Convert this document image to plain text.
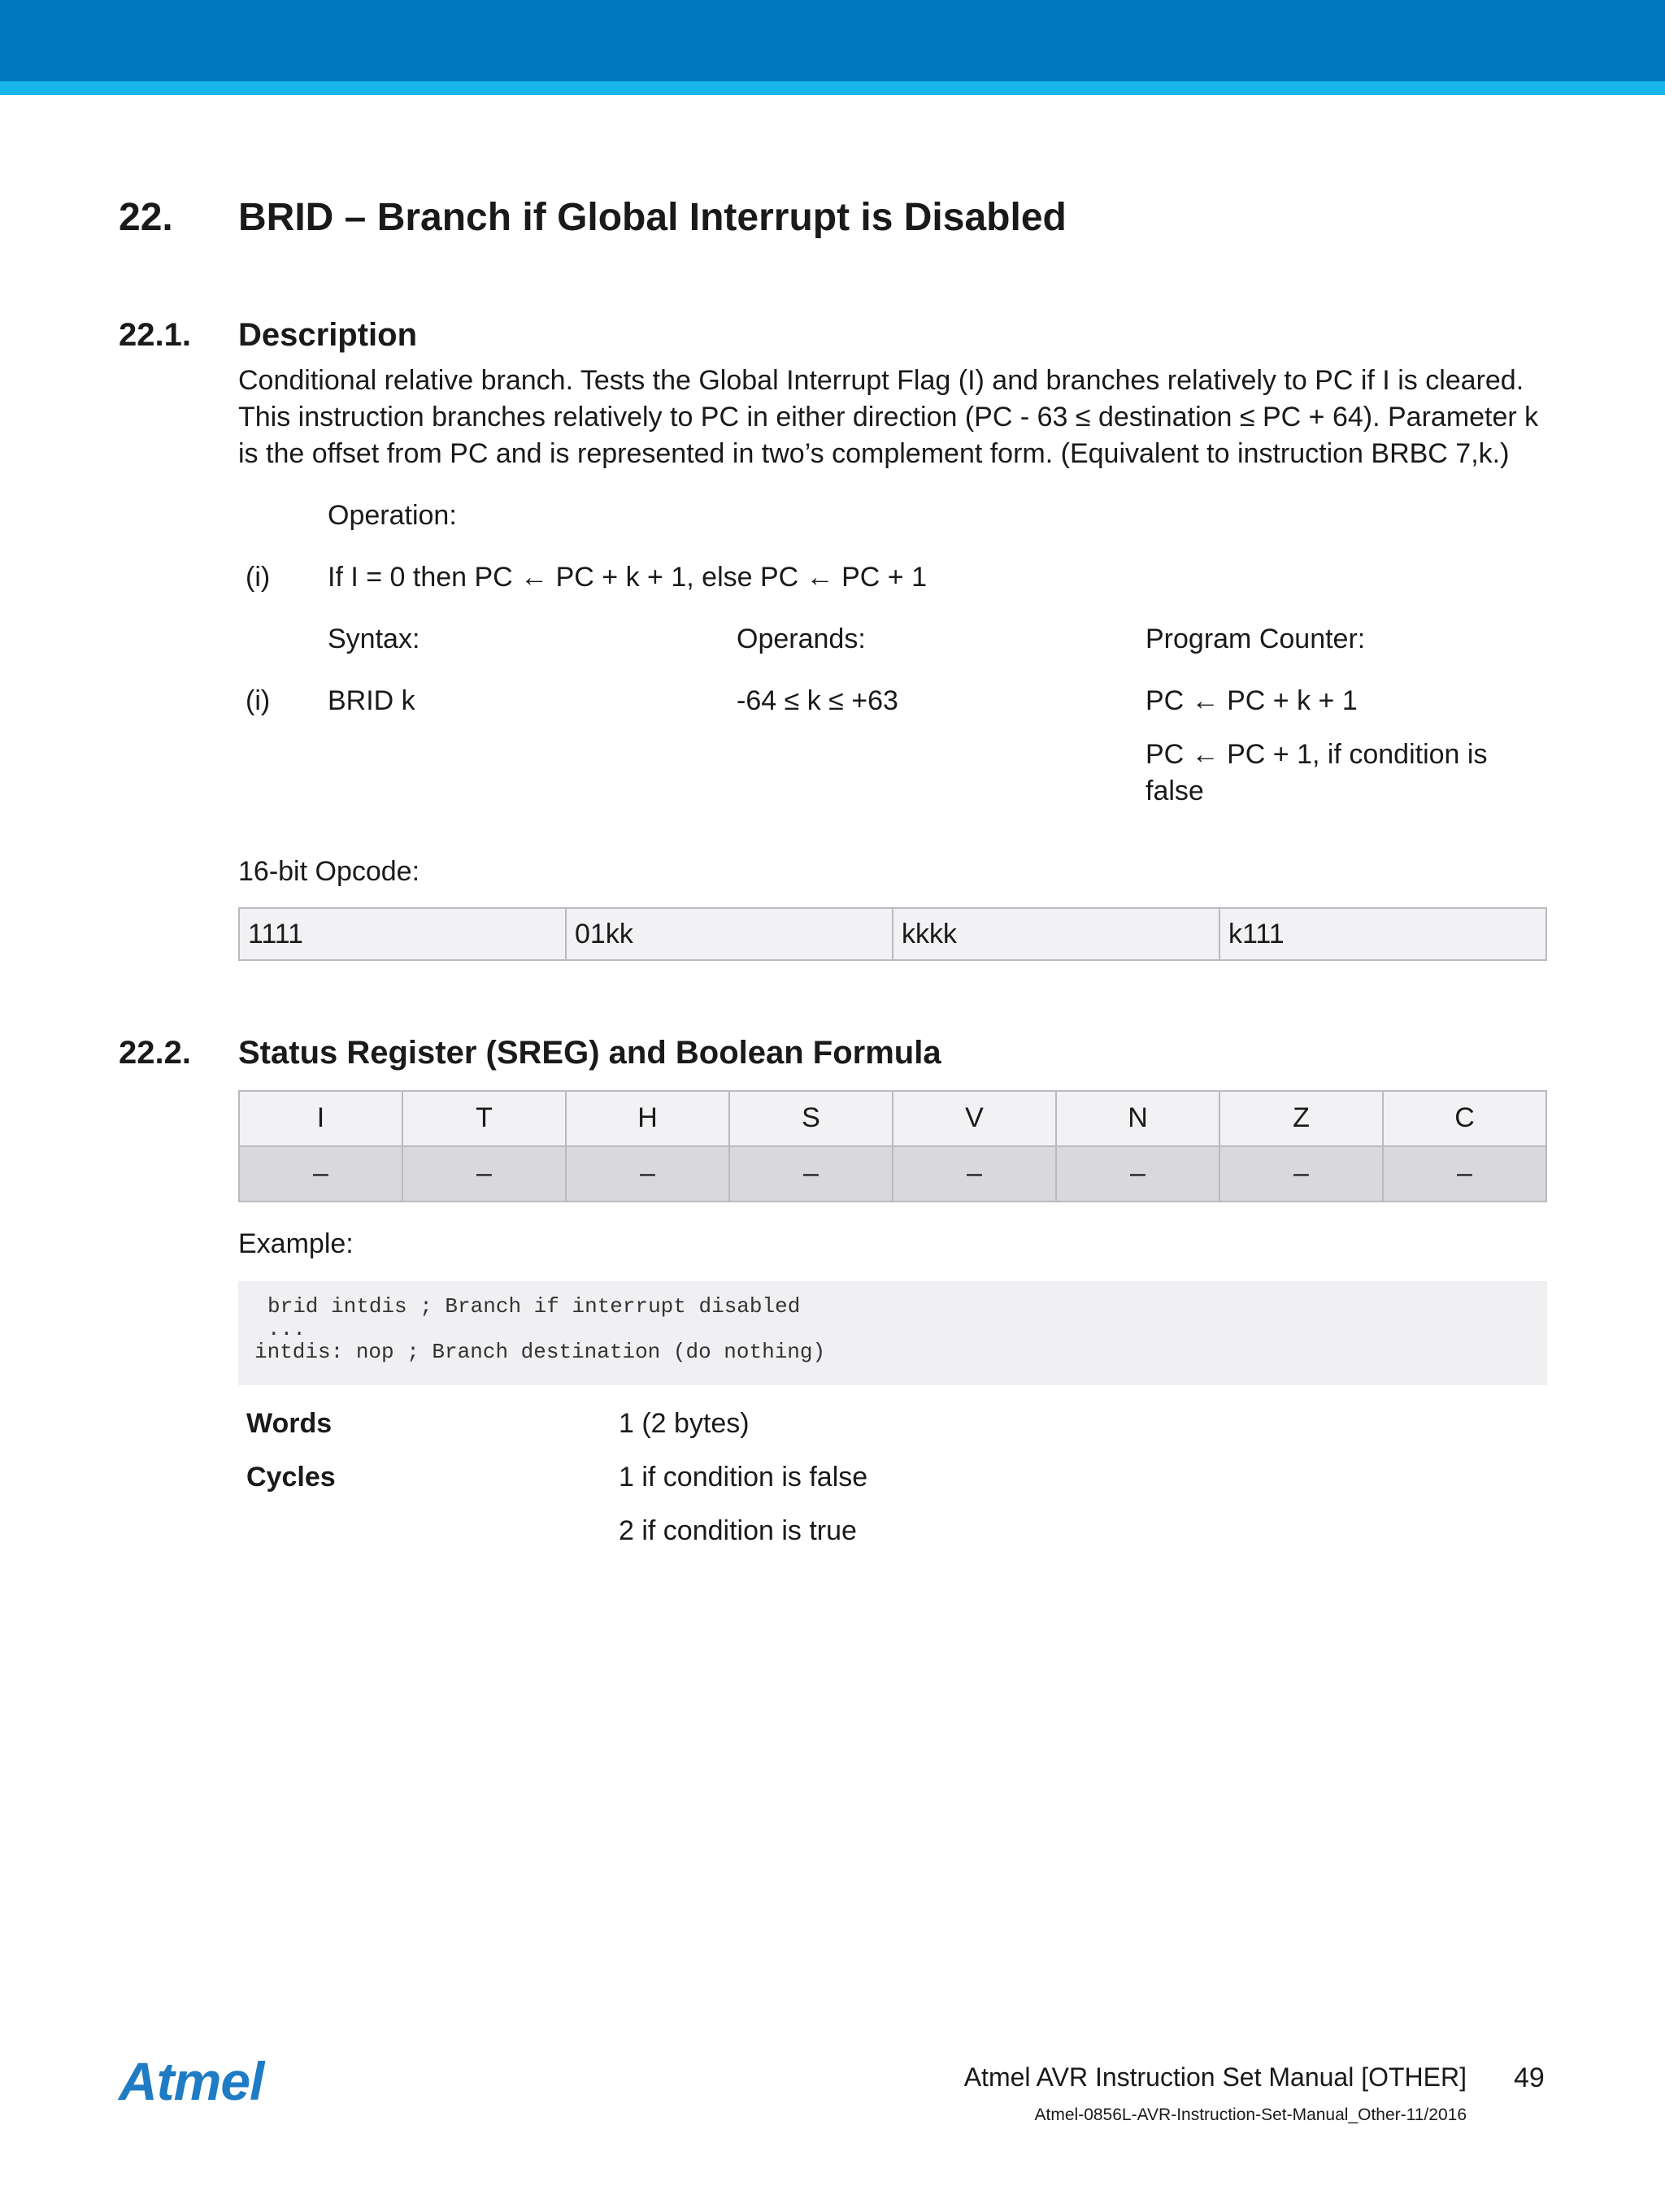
22. BRID – Branch if Global Interrupt is Disabled
22.1. Description
Conditional relative branch. Tests the Global Interrupt Flag (I) and branches relatively to PC if I is cleared. This instruction branches relatively to PC in either direction (PC - 63 ≤ destination ≤ PC + 64). Parameter k is the offset from PC and is represented in two’s complement form. (Equivalent to instruction BRBC 7,k.)
Operation:
(i) If I = 0 then PC ← PC + k + 1, else PC ← PC + 1
Syntax:	Operands:	Program Counter:
(i) BRID k	-64 ≤ k ≤ +63	PC ← PC + k + 1
PC ← PC + 1, if condition is false
16-bit Opcode:
1111	01kk	kkkk	k111
22.2. Status Register (SREG) and Boolean Formula
I	T	H	S	V	N	Z	C
–	–	–	–	–	–	–	–
Example:
brid intdis ; Branch if interrupt disabled
...
intdis: nop ; Branch destination (do nothing)
Words	1 (2 bytes)
Cycles	1 if condition is false
2 if condition is true
Atmel	Atmel AVR Instruction Set Manual [OTHER] 49
Atmel-0856L-AVR-Instruction-Set-Manual_Other-11/2016
